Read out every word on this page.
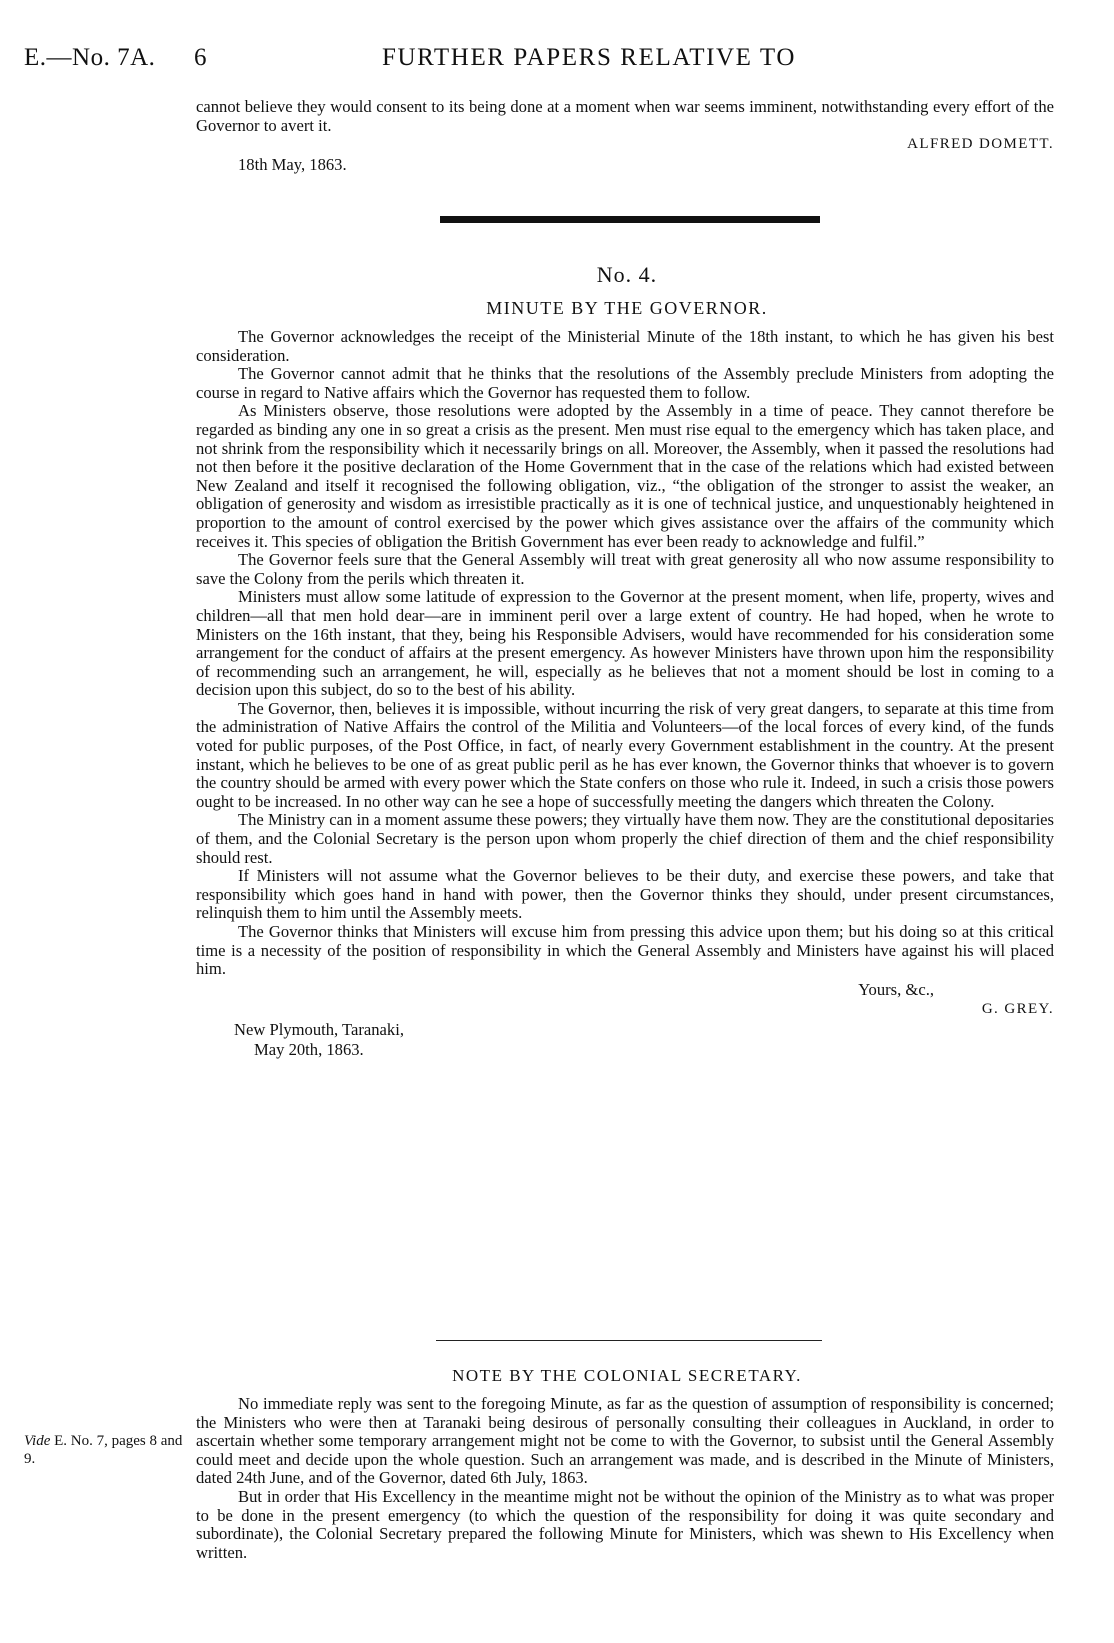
E.—No. 7A. 6	FURTHER PAPERS RELATIVE TO

cannot believe they would consent to its being done at a moment when war seems imminent, notwithstanding every effort of the Governor to avert it.

ALFRED DOMETT.

18th May, 1863.

No. 4.
MINUTE BY THE GOVERNOR.

The Governor acknowledges the receipt of the Ministerial Minute of the 18th instant, to which he has given his best consideration.

The Governor cannot admit that he thinks that the resolutions of the Assembly preclude Ministers from adopting the course in regard to Native affairs which the Governor has requested them to follow.

As Ministers observe, those resolutions were adopted by the Assembly in a time of peace. They cannot therefore be regarded as binding any one in so great a crisis as the present. Men must rise equal to the emergency which has taken place, and not shrink from the responsibility which it necessarily brings on all. Moreover, the Assembly, when it passed the resolutions had not then before it the positive declaration of the Home Government that in the case of the relations which had existed between New Zealand and itself it recognised the following obligation, viz., “the obligation of the stronger to assist the weaker, an obligation of generosity and wisdom as irresistible practically as it is one of technical justice, and unquestionably heightened in proportion to the amount of control exercised by the power which gives assistance over the affairs of the community which receives it. This species of obligation the British Government has ever been ready to acknowledge and fulfil.”

The Governor feels sure that the General Assembly will treat with great generosity all who now assume responsibility to save the Colony from the perils which threaten it.

Ministers must allow some latitude of expression to the Governor at the present moment, when life, property, wives and children—all that men hold dear—are in imminent peril over a large extent of country. He had hoped, when he wrote to Ministers on the 16th instant, that they, being his Responsible Advisers, would have recommended for his consideration some arrangement for the conduct of affairs at the present emergency. As however Ministers have thrown upon him the responsibility of recommending such an arrangement, he will, especially as he believes that not a moment should be lost in coming to a decision upon this subject, do so to the best of his ability.

The Governor, then, believes it is impossible, without incurring the risk of very great dangers, to separate at this time from the administration of Native Affairs the control of the Militia and Volunteers—of the local forces of every kind, of the funds voted for public purposes, of the Post Office, in fact, of nearly every Government establishment in the country. At the present instant, which he believes to be one of as great public peril as he has ever known, the Governor thinks that whoever is to govern the country should be armed with every power which the State confers on those who rule it. Indeed, in such a crisis those powers ought to be increased. In no other way can he see a hope of successfully meeting the dangers which threaten the Colony.

The Ministry can in a moment assume these powers; they virtually have them now. They are the constitutional depositaries of them, and the Colonial Secretary is the person upon whom properly the chief direction of them and the chief responsibility should rest.

If Ministers will not assume what the Governor believes to be their duty, and exercise these powers, and take that responsibility which goes hand in hand with power, then the Governor thinks they should, under present circumstances, relinquish them to him until the Assembly meets.

The Governor thinks that Ministers will excuse him from pressing this advice upon them; but his doing so at this critical time is a necessity of the position of responsibility in which the General Assembly and Ministers have against his will placed him.

Yours, &c.,

G. GREY.

New Plymouth, Taranaki,

May 20th, 1863.

NOTE BY THE COLONIAL SECRETARY.

No immediate reply was sent to the foregoing Minute, as far as the question of assumption of responsibility is concerned; the Ministers who were then at Taranaki being desirous of personally consulting their colleagues in Auckland, in order to ascertain whether some temporary arrangement might not be come to with the Governor, to subsist until the General Assembly could meet and decide upon the whole question. Such an arrangement was made, and is described in the Minute of Ministers, dated 24th June, and of the Governor, dated 6th July, 1863.

But in order that His Excellency in the meantime might not be without the opinion of the Ministry as to what was proper to be done in the present emergency (to which the question of the responsibility for doing it was quite secondary and subordinate), the Colonial Secretary prepared the following Minute for Ministers, which was shewn to His Excellency when written.

Vide E. No. 7, pages 8 and 9.
